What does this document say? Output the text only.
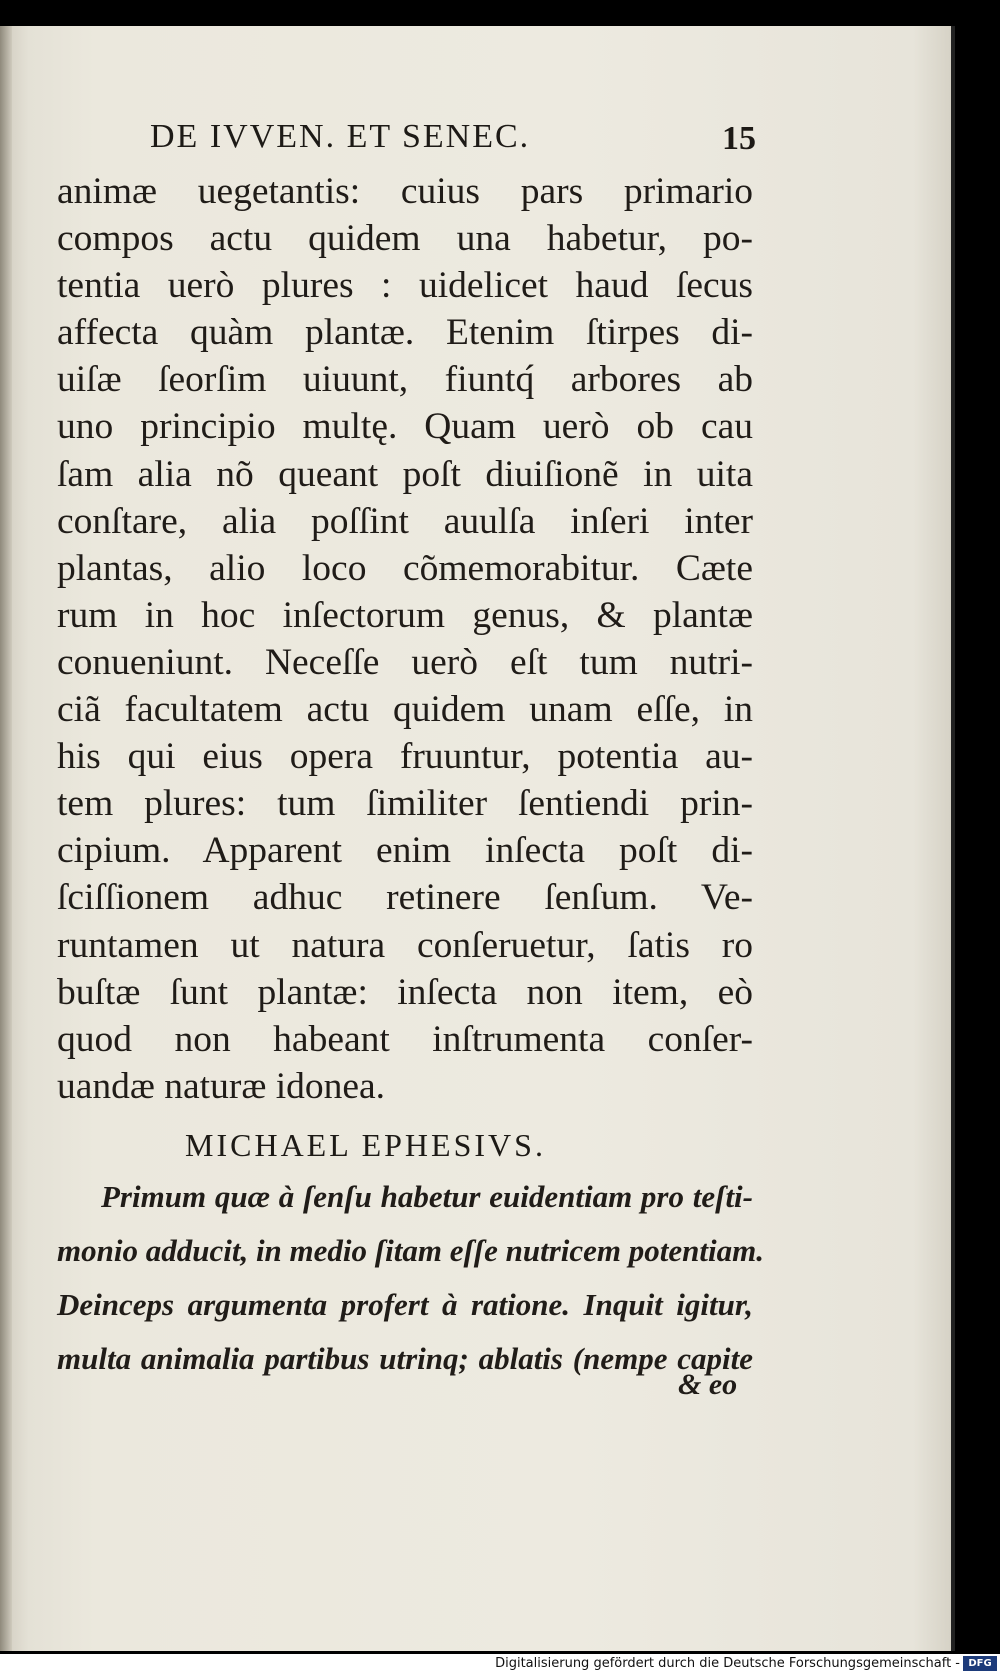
DE IVVEN. ET SENEC.	15
animæ uegetantis: cuius pars primario
compos actu quidem una habetur, po-
tentia uerò plures : uidelicet haud ſecus
affecta quàm plantæ. Etenim ſtirpes di-
uiſæ ſeorſim uiuunt, fiuntq́ arbores ab
uno principio multę. Quam uerò ob cau
ſam alia nõ queant poſt diuiſionẽ in uita
conſtare, alia poſſint auulſa inſeri inter
plantas, alio loco cõmemorabitur. Cæte
rum in hoc inſectorum genus, & plantæ
conueniunt. Neceſſe uerò eſt tum nutri-
ciã facultatem actu quidem unam eſſe, in
his qui eius opera fruuntur, potentia au-
tem plures: tum ſimiliter ſentiendi prin-
cipium. Apparent enim inſecta poſt di-
ſciſſionem adhuc retinere ſenſum. Ve-
runtamen ut natura conſeruetur, ſatis ro
buſtæ ſunt plantæ: inſecta non item, eò
quod non habeant inſtrumenta conſer-
uandæ naturæ idonea.
MICHAEL EPHESIVS.
Primum quæ à ſenſu habetur euidentiam pro teſti-
monio adducit, in medio ſitam eſſe nutricem potentiam.
Deinceps argumenta profert à ratione. Inquit igitur,
multa animalia partibus utrinq; ablatis (nempe capite
& eo
Digitalisierung gefördert durch die Deutsche Forschungsgemeinschaft - DFG
